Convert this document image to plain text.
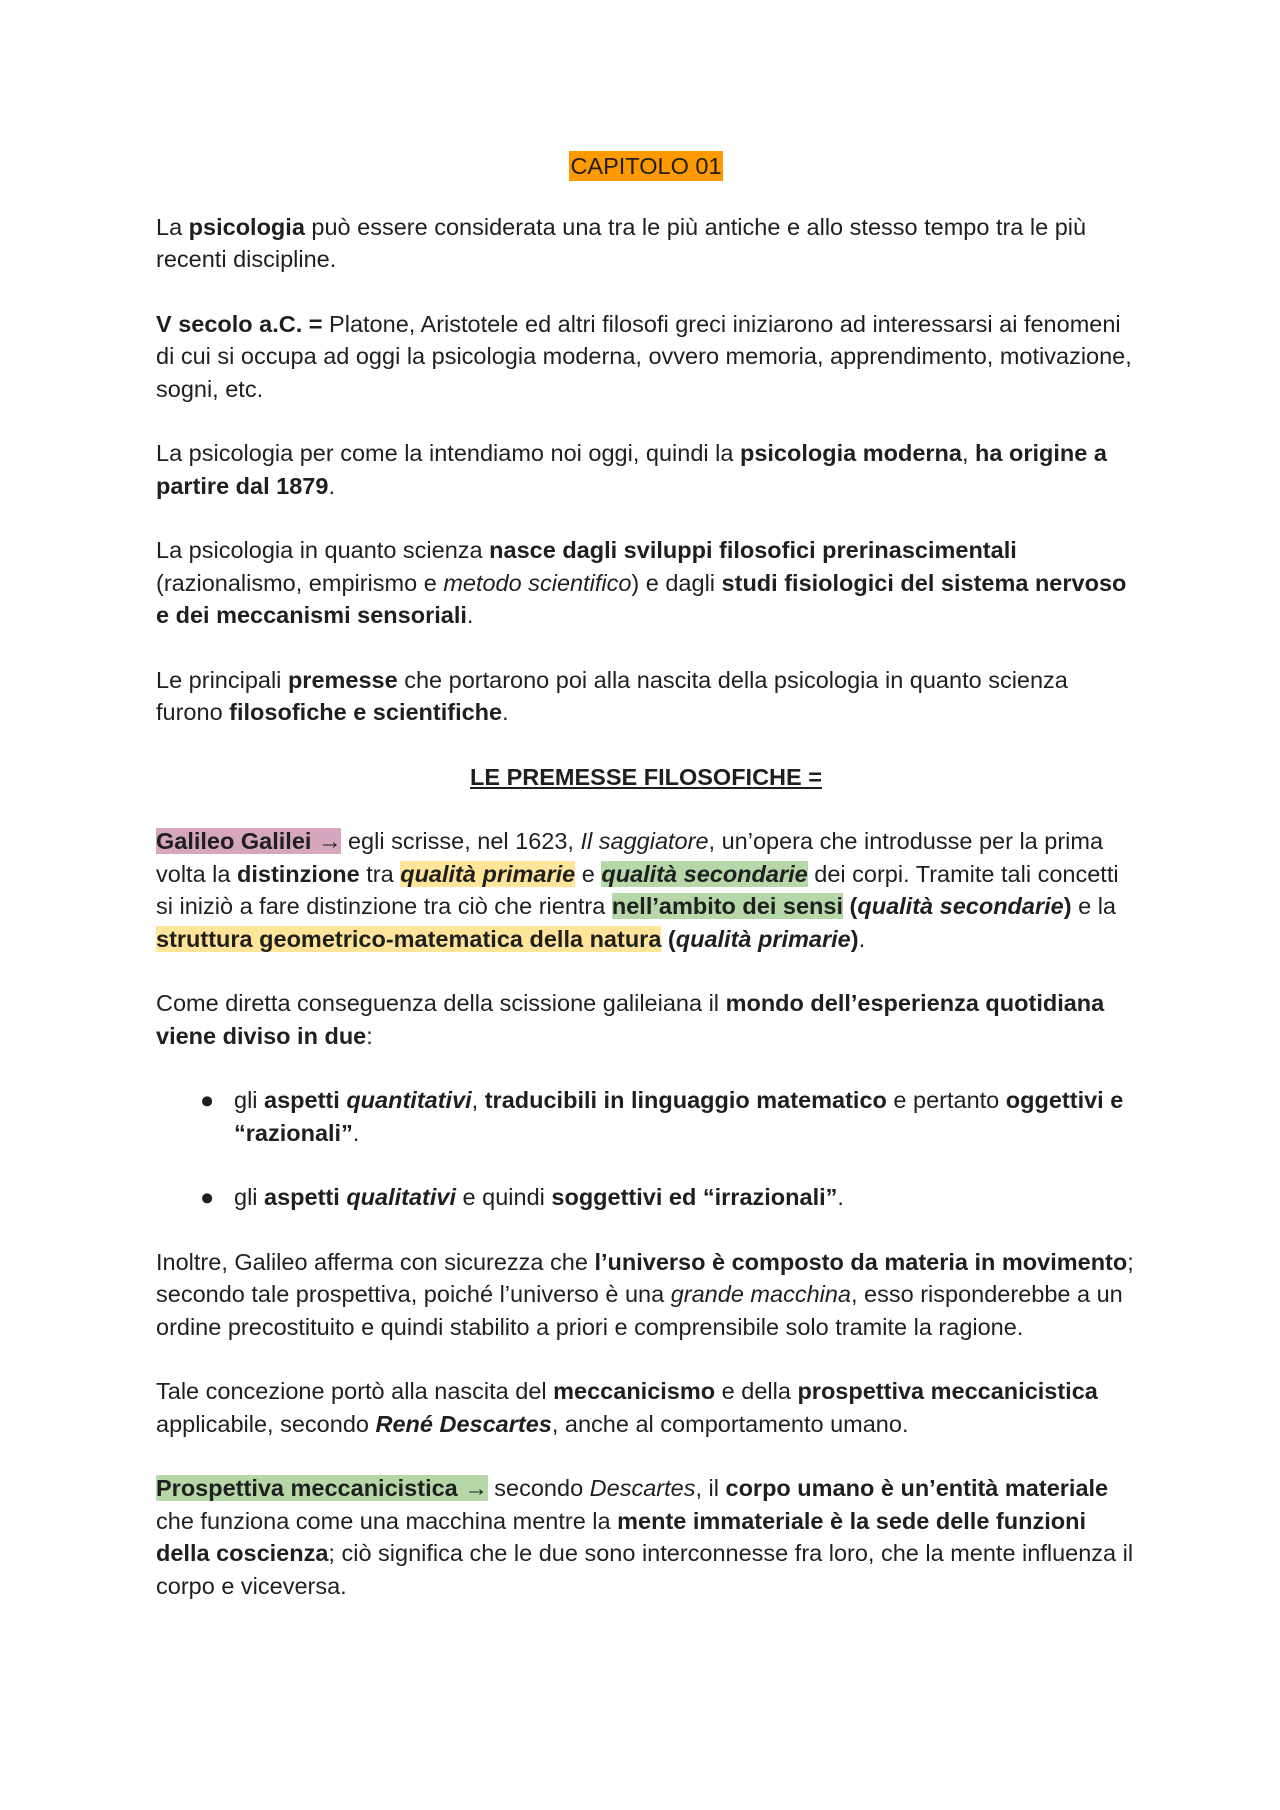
CAPITOLO 01

La psicologia può essere considerata una tra le più antiche e allo stesso tempo tra le più recenti discipline.

V secolo a.C. = Platone, Aristotele ed altri filosofi greci iniziarono ad interessarsi ai fenomeni di cui si occupa ad oggi la psicologia moderna, ovvero memoria, apprendimento, motivazione, sogni, etc.

La psicologia per come la intendiamo noi oggi, quindi la psicologia moderna, ha origine a partire dal 1879.

La psicologia in quanto scienza nasce dagli sviluppi filosofici prerinascimentali (razionalismo, empirismo e metodo scientifico) e dagli studi fisiologici del sistema nervoso e dei meccanismi sensoriali.

Le principali premesse che portarono poi alla nascita della psicologia in quanto scienza furono filosofiche e scientifiche.

LE PREMESSE FILOSOFICHE =

Galileo Galilei → egli scrisse, nel 1623, Il saggiatore, un’opera che introdusse per la prima volta la distinzione tra qualità primarie e qualità secondarie dei corpi. Tramite tali concetti si iniziò a fare distinzione tra ciò che rientra nell’ambito dei sensi (qualità secondarie) e la struttura geometrico-matematica della natura (qualità primarie).

Come diretta conseguenza della scissione galileiana il mondo dell’esperienza quotidiana viene diviso in due:

● gli aspetti quantitativi, traducibili in linguaggio matematico e pertanto oggettivi e “razionali”.
● gli aspetti qualitativi e quindi soggettivi ed “irrazionali”.

Inoltre, Galileo afferma con sicurezza che l’universo è composto da materia in movimento; secondo tale prospettiva, poiché l’universo è una grande macchina, esso risponderebbe a un ordine precostituito e quindi stabilito a priori e comprensibile solo tramite la ragione.

Tale concezione portò alla nascita del meccanicismo e della prospettiva meccanicistica applicabile, secondo René Descartes, anche al comportamento umano.

Prospettiva meccanicistica → secondo Descartes, il corpo umano è un’entità materiale che funziona come una macchina mentre la mente immateriale è la sede delle funzioni della coscienza; ciò significa che le due sono interconnesse fra loro, che la mente influenza il corpo e viceversa.
